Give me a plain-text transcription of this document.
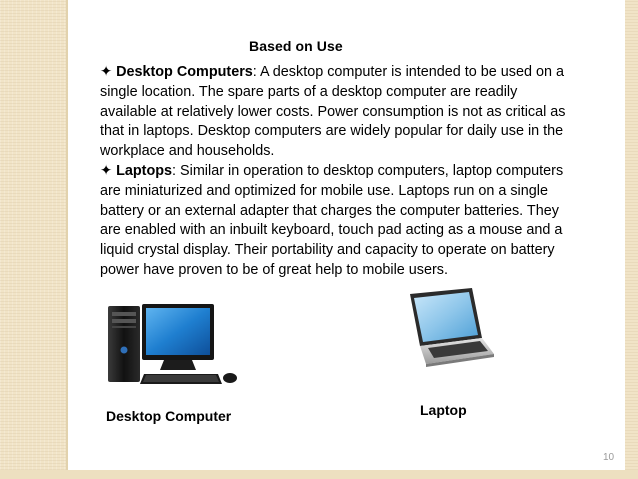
Based on Use

✦ Desktop Computers: A desktop computer is intended to be used on a single location. The spare parts of a desktop computer are readily available at relatively lower costs. Power consumption is not as critical as that in laptops. Desktop computers are widely popular for daily use in the workplace and households.

✦ Laptops: Similar in operation to desktop computers, laptop computers are miniaturized and optimized for mobile use. Laptops run on a single battery or an external adapter that charges the computer batteries. They are enabled with an inbuilt keyboard, touch pad acting as a mouse and a liquid crystal display. Their portability and capacity to operate on battery power have proven to be of great help to mobile users.

Desktop Computer	Laptop
10
